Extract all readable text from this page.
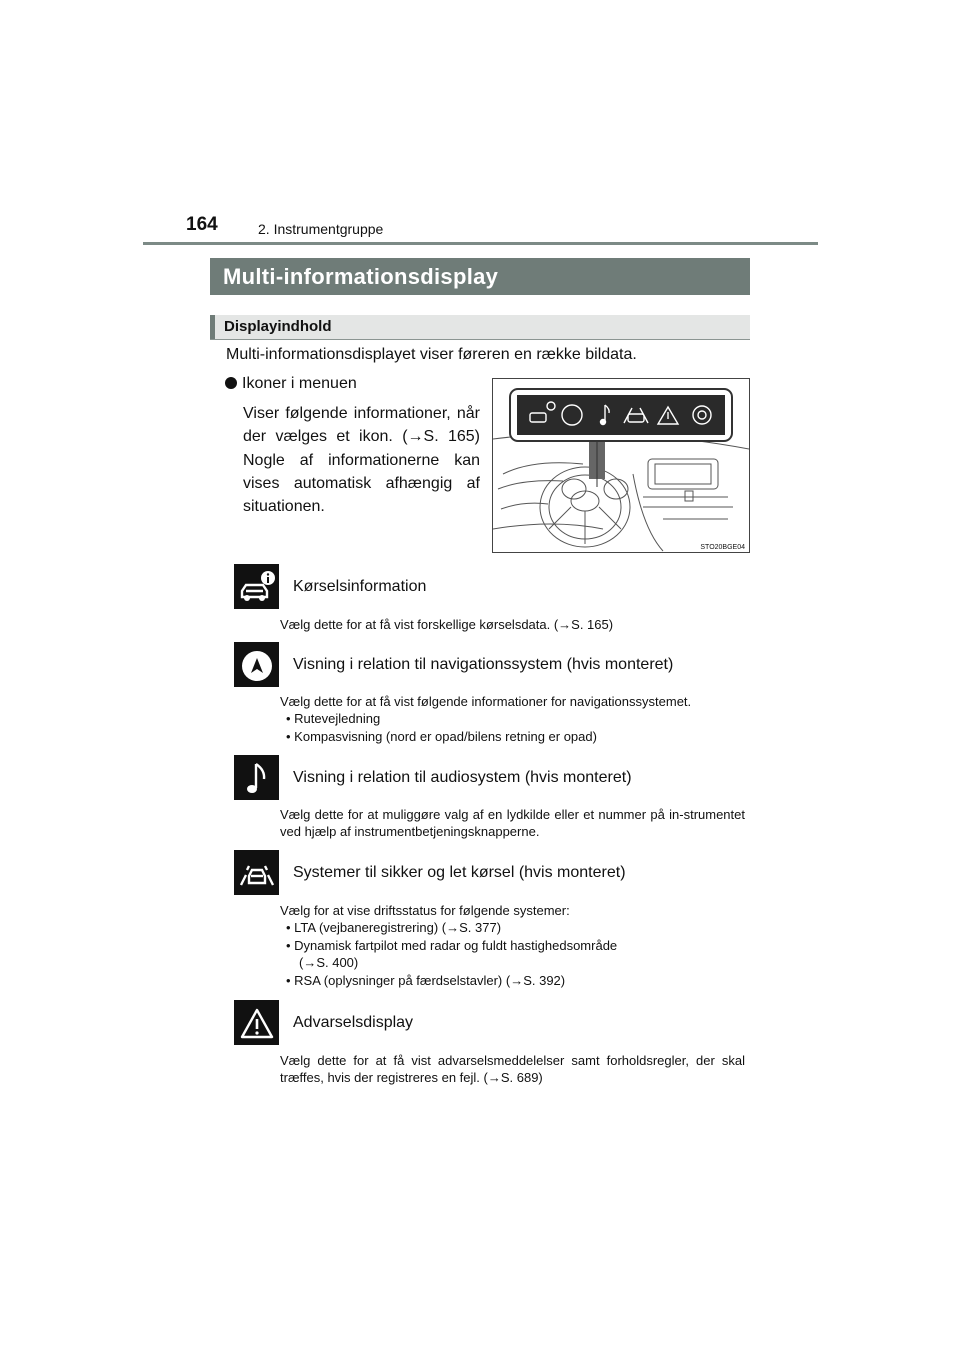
164	2. Instrumentgruppe
Multi-informationsdisplay
Displayindhold
Multi-informationsdisplayet viser føreren en række bildata.
Ikoner i menuen
Viser følgende informationer, når der vælges et ikon. (→S. 165) Nogle af informationerne kan vises automatisk afhængig af situationen.
STO20BGE04
Kørselsinformation
Vælg dette for at få vist forskellige kørselsdata. (→S. 165)
Visning i relation til navigationssystem (hvis monteret)
Vælg dette for at få vist følgende informationer for navigationssystemet.
• Rutevejledning
• Kompasvisning (nord er opad/bilens retning er opad)
Visning i relation til audiosystem (hvis monteret)
Vælg dette for at muliggøre valg af en lydkilde eller et nummer på in-strumentet ved hjælp af instrumentbetjeningsknapperne.
Systemer til sikker og let kørsel (hvis monteret)
Vælg for at vise driftsstatus for følgende systemer:
• LTA (vejbaneregistrering) (→S. 377)
• Dynamisk fartpilot med radar og fuldt hastighedsområde
(→S. 400)
• RSA (oplysninger på færdselstavler) (→S. 392)
Advarselsdisplay
Vælg dette for at få vist advarselsmeddelelser samt forholdsregler, der skal træffes, hvis der registreres en fejl. (→S. 689)
